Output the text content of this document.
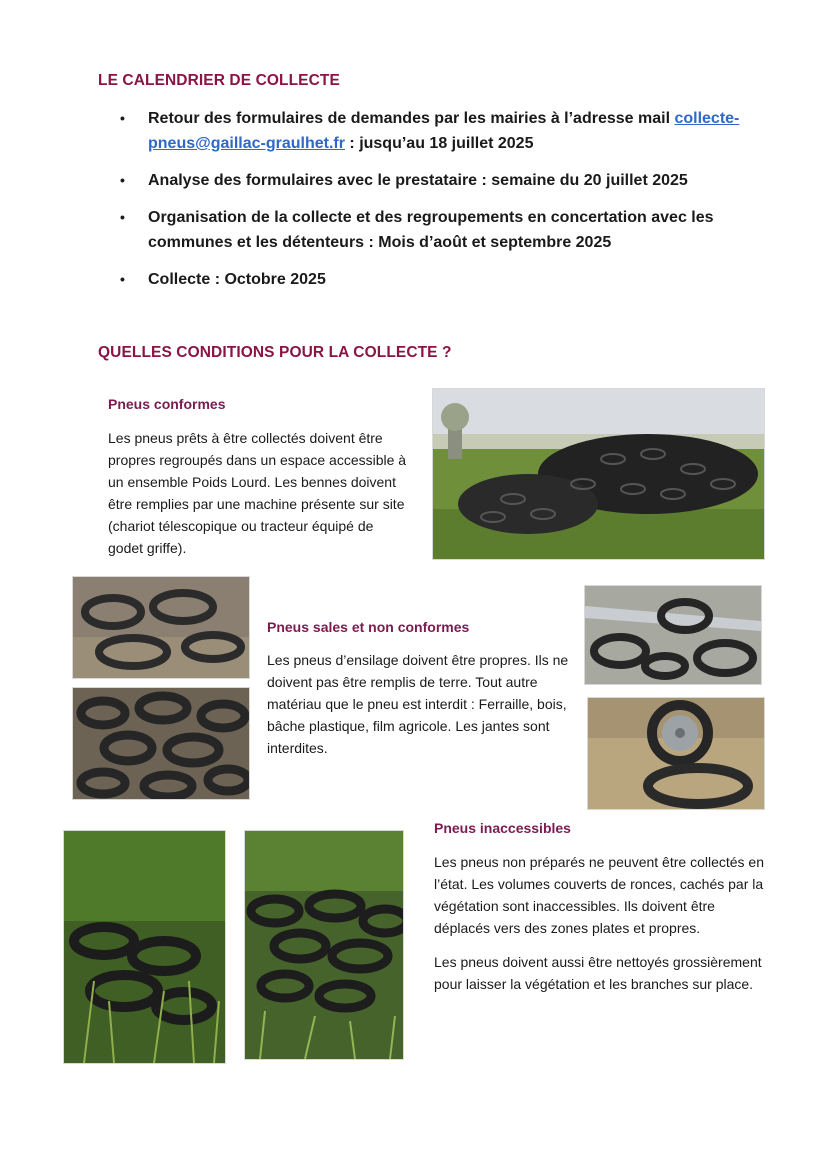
LE CALENDRIER DE COLLECTE
• Retour des formulaires de demandes par les mairies à l’adresse mail collecte-pneus@gaillac-graulhet.fr : jusqu’au 18 juillet 2025
• Analyse des formulaires avec le prestataire : semaine du 20 juillet 2025
• Organisation de la collecte et des regroupements en concertation avec les communes et les détenteurs : Mois d’août et septembre 2025
• Collecte : Octobre 2025
QUELLES CONDITIONS POUR LA COLLECTE ?
Pneus conformes

Les pneus prêts à être collectés doivent être propres regroupés dans un espace accessible à un ensemble Poids Lourd. Les bennes doivent être remplies par une machine présente sur site (chariot télescopique ou tracteur équipé de godet griffe).

Pneus sales et non conformes

Les pneus d’ensilage doivent être propres. Ils ne doivent pas être remplis de terre. Tout autre matériau que le pneu est interdit : Ferraille, bois, bâche plastique, film agricole. Les jantes sont interdites.

Pneus inaccessibles

Les pneus non préparés ne peuvent être collectés en l’état. Les volumes couverts de ronces, cachés par la végétation sont inaccessibles. Ils doivent être déplacés vers des zones plates et propres.

Les pneus doivent aussi être nettoyés grossièrement pour laisser la végétation et les branches sur place.
